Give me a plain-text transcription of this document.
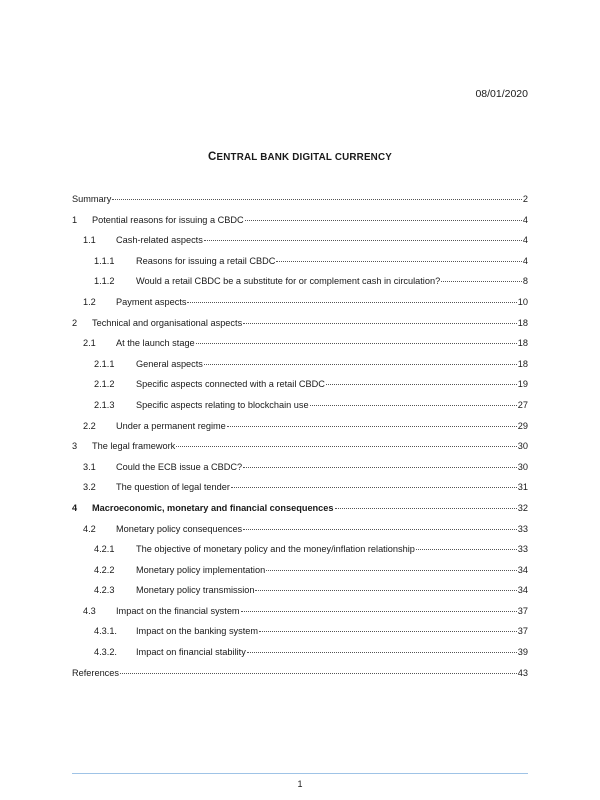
08/01/2020
CENTRAL BANK DIGITAL CURRENCY
Summary	2
1	Potential reasons for issuing a CBDC	4
1.1	Cash-related aspects	4
1.1.1	Reasons for issuing a retail CBDC	4
1.1.2	Would a retail CBDC be a substitute for or complement cash in circulation?	8
1.2	Payment aspects	10
2	Technical and organisational aspects	18
2.1	At the launch stage	18
2.1.1	General aspects	18
2.1.2	Specific aspects connected with a retail CBDC	19
2.1.3	Specific aspects relating to blockchain use	27
2.2	Under a permanent regime	29
3	The legal framework	30
3.1	Could the ECB issue a CBDC?	30
3.2	The question of legal tender	31
4	Macroeconomic, monetary and financial consequences	32
4.2	Monetary policy consequences	33
4.2.1	The objective of monetary policy and the money/inflation relationship	33
4.2.2	Monetary policy implementation	34
4.2.3	Monetary policy transmission	34
4.3	Impact on the financial system	37
4.3.1.	Impact on the banking system	37
4.3.2.	Impact on financial stability	39
References	43
1
